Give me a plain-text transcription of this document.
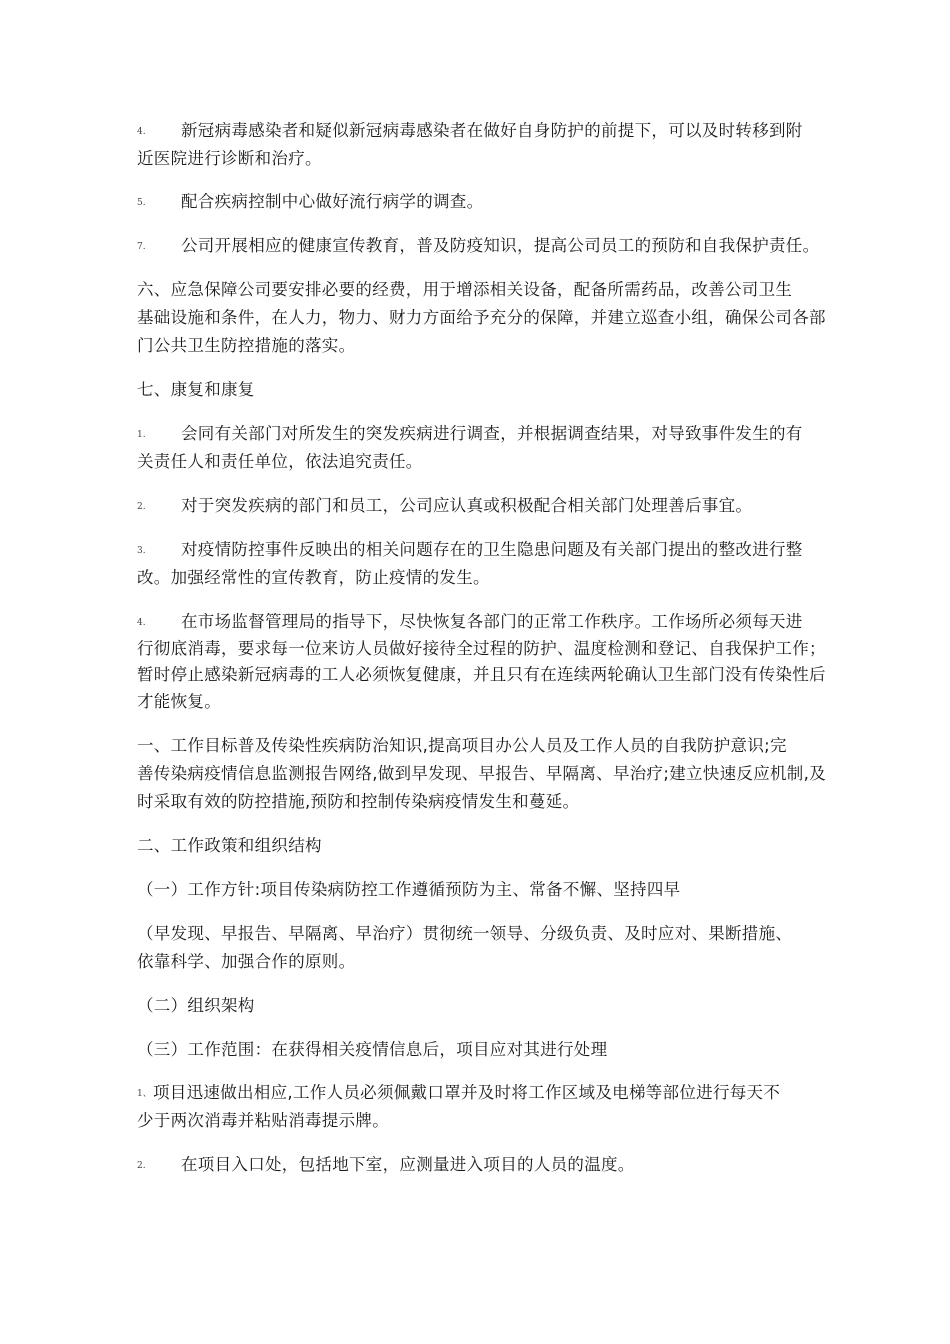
4. 新冠病毒感染者和疑似新冠病毒感染者在做好自身防护的前提下，可以及时转移到附
近医院进行诊断和治疗。
5. 配合疾病控制中心做好流行病学的调查。
7. 公司开展相应的健康宣传教育，普及防疫知识，提高公司员工的预防和自我保护责任。
六、应急保障公司要安排必要的经费，用于增添相关设备，配备所需药品，改善公司卫生
基础设施和条件，在人力，物力、财力方面给予充分的保障，并建立巡查小组，确保公司各部
门公共卫生防控措施的落实。
七、康复和康复
1. 会同有关部门对所发生的突发疾病进行调查，并根据调查结果，对导致事件发生的有
关责任人和责任单位，依法追究责任。
2. 对于突发疾病的部门和员工，公司应认真或积极配合相关部门处理善后事宜。
3. 对疫情防控事件反映出的相关问题存在的卫生隐患问题及有关部门提出的整改进行整
改。加强经常性的宣传教育，防止疫情的发生。
4. 在市场监督管理局的指导下，尽快恢复各部门的正常工作秩序。工作场所必须每天进
行彻底消毒，要求每一位来访人员做好接待全过程的防护、温度检测和登记、自我保护工作；
暂时停止感染新冠病毒的工人必须恢复健康，并且只有在连续两轮确认卫生部门没有传染性后
才能恢复。
一、工作目标普及传染性疾病防治知识,提高项目办公人员及工作人员的自我防护意识;完
善传染病疫情信息监测报告网络,做到早发现、早报告、早隔离、早治疗;建立快速反应机制,及
时采取有效的防控措施,预防和控制传染病疫情发生和蔓延。
二、工作政策和组织结构
（一）工作方针:项目传染病防控工作遵循预防为主、常备不懈、坚持四早
（早发现、早报告、早隔离、早治疗）贯彻统一领导、分级负责、及时应对、果断措施、
依靠科学、加强合作的原则。
（二）组织架构
（三）工作范围：在获得相关疫情信息后，项目应对其进行处理
1、 项目迅速做出相应,工作人员必须佩戴口罩并及时将工作区域及电梯等部位进行每天不
少于两次消毒并粘贴消毒提示牌。
2. 在项目入口处，包括地下室，应测量进入项目的人员的温度。
